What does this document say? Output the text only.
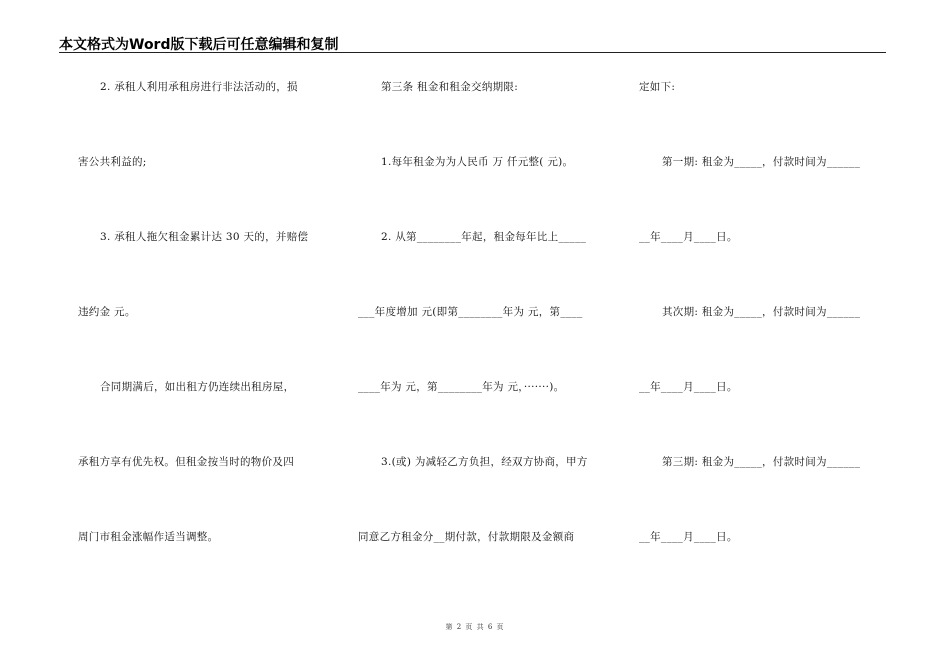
本文格式为Word版下载后可任意编辑和复制
2. 承租人利用承租房进行非法活动的，损
害公共利益的;
3. 承租人拖欠租金累计达 30 天的，并赔偿
违约金 元。
合同期满后，如出租方仍连续出租房屋，
承租方享有优先权。但租金按当时的物价及四
周门市租金涨幅作适当调整。
第三条 租金和租金交纳期限:
1.每年租金为为人民币 万 仟元整( 元)。
2. 从第________年起，租金每年比上_____
___年度增加 元(即第________年为 元，第____
____年为 元，第________年为 元，·······)。
3.(或) 为减轻乙方负担，经双方协商，甲方
同意乙方租金分__期付款，付款期限及金额商
定如下:
第一期: 租金为_____，付款时间为______
__年____月____日。
其次期: 租金为_____，付款时间为______
__年____月____日。
第三期: 租金为_____，付款时间为______
__年____月____日。
第 2 页 共 6 页
